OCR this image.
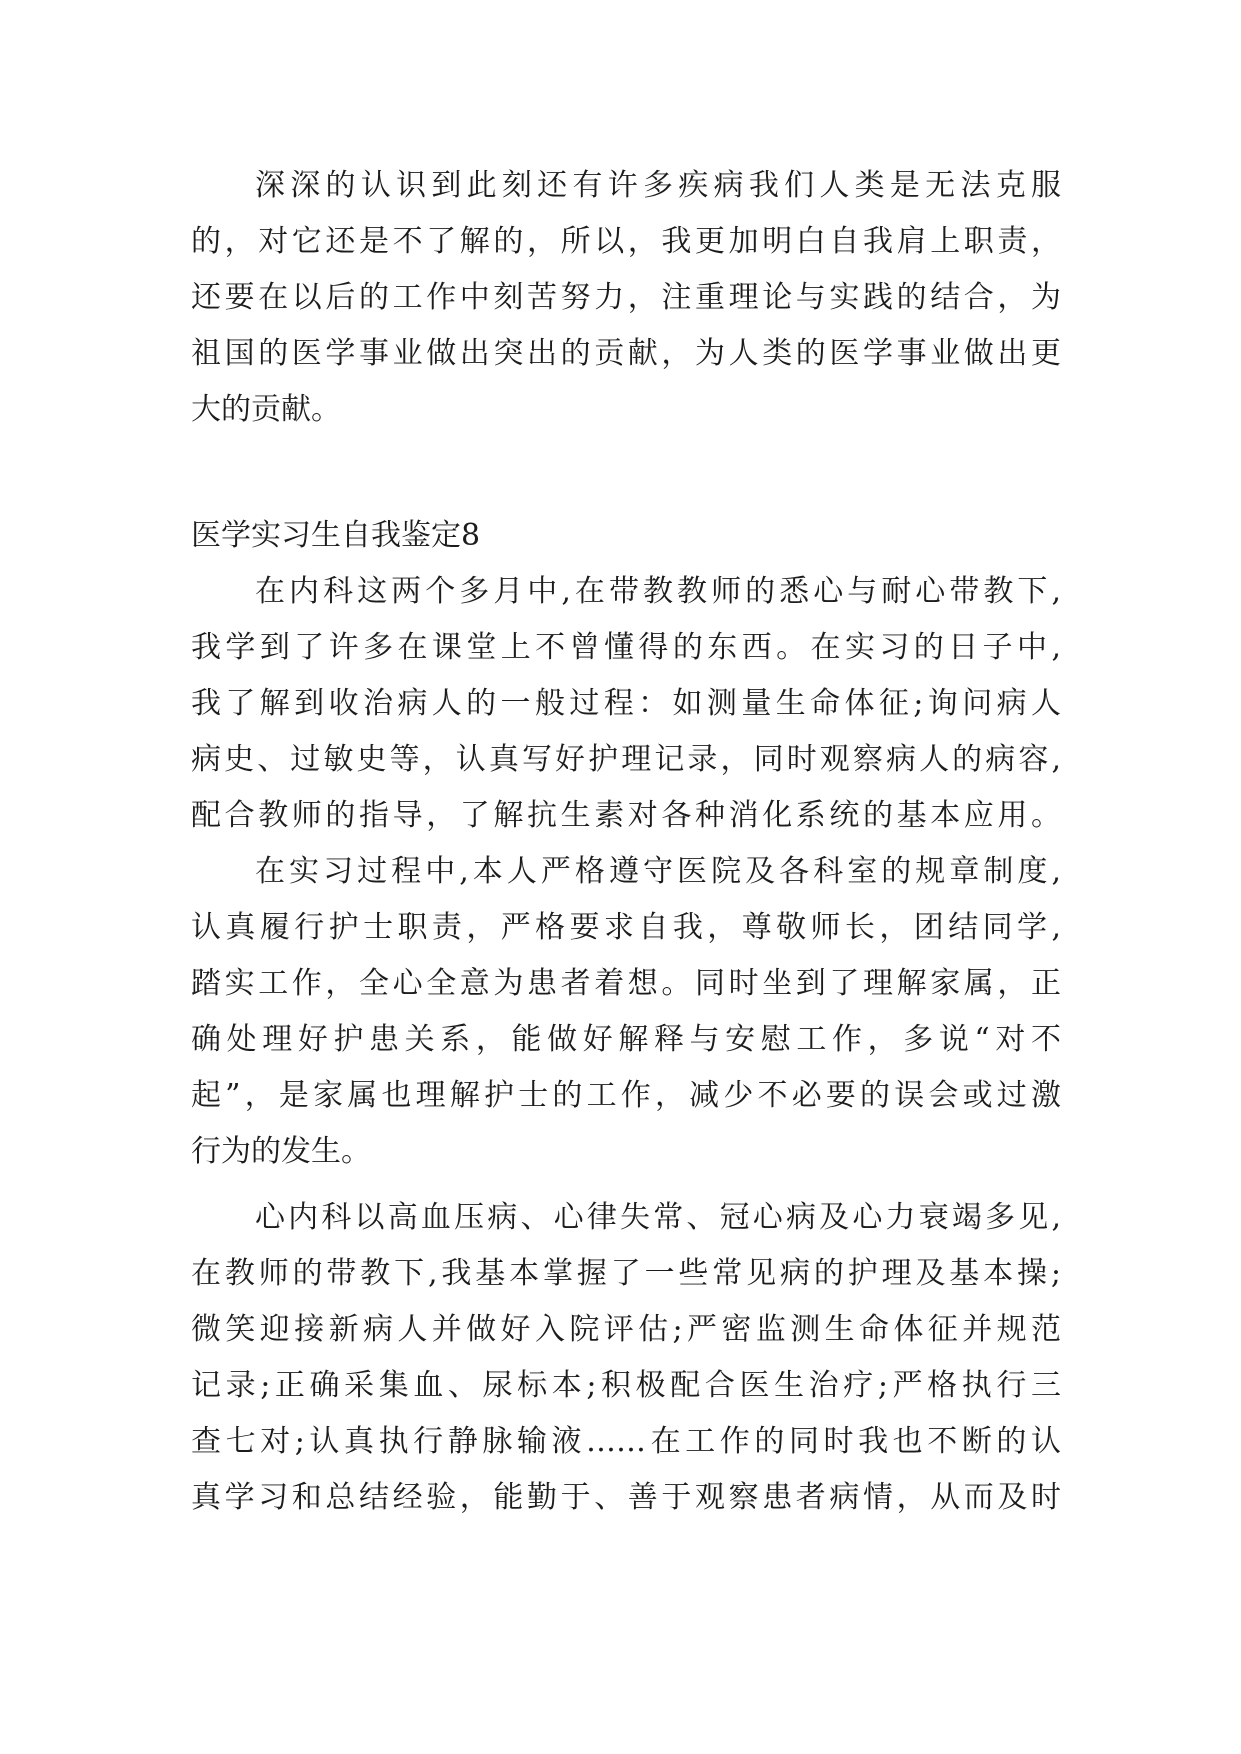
深深的认识到此刻还有许多疾病我们人类是无法克服
的，对它还是不了解的，所以，我更加明白自我肩上职责，
还要在以后的工作中刻苦努力，注重理论与实践的结合，为
祖国的医学事业做出突出的贡献，为人类的医学事业做出更
大的贡献。
医学实习生自我鉴定8
在内科这两个多月中,在带教教师的悉心与耐心带教下,
我学到了许多在课堂上不曾懂得的东西。在实习的日子中,
我了解到收治病人的一般过程：如测量生命体征;询问病人
病史、过敏史等，认真写好护理记录，同时观察病人的病容,
配合教师的指导，了解抗生素对各种消化系统的基本应用。
在实习过程中,本人严格遵守医院及各科室的规章制度,
认真履行护士职责，严格要求自我，尊敬师长，团结同学,
踏实工作，全心全意为患者着想。同时坐到了理解家属，正
确处理好护患关系，能做好解释与安慰工作，多说“对不
起”，是家属也理解护士的工作，减少不必要的误会或过激
行为的发生。
心内科以高血压病、心律失常、冠心病及心力衰竭多见,
在教师的带教下,我基本掌握了一些常见病的护理及基本操;
微笑迎接新病人并做好入院评估;严密监测生命体征并规范
记录;正确采集血、尿标本;积极配合医生治疗;严格执行三
查七对;认真执行静脉输液……在工作的同时我也不断的认
真学习和总结经验，能勤于、善于观察患者病情，从而及时
